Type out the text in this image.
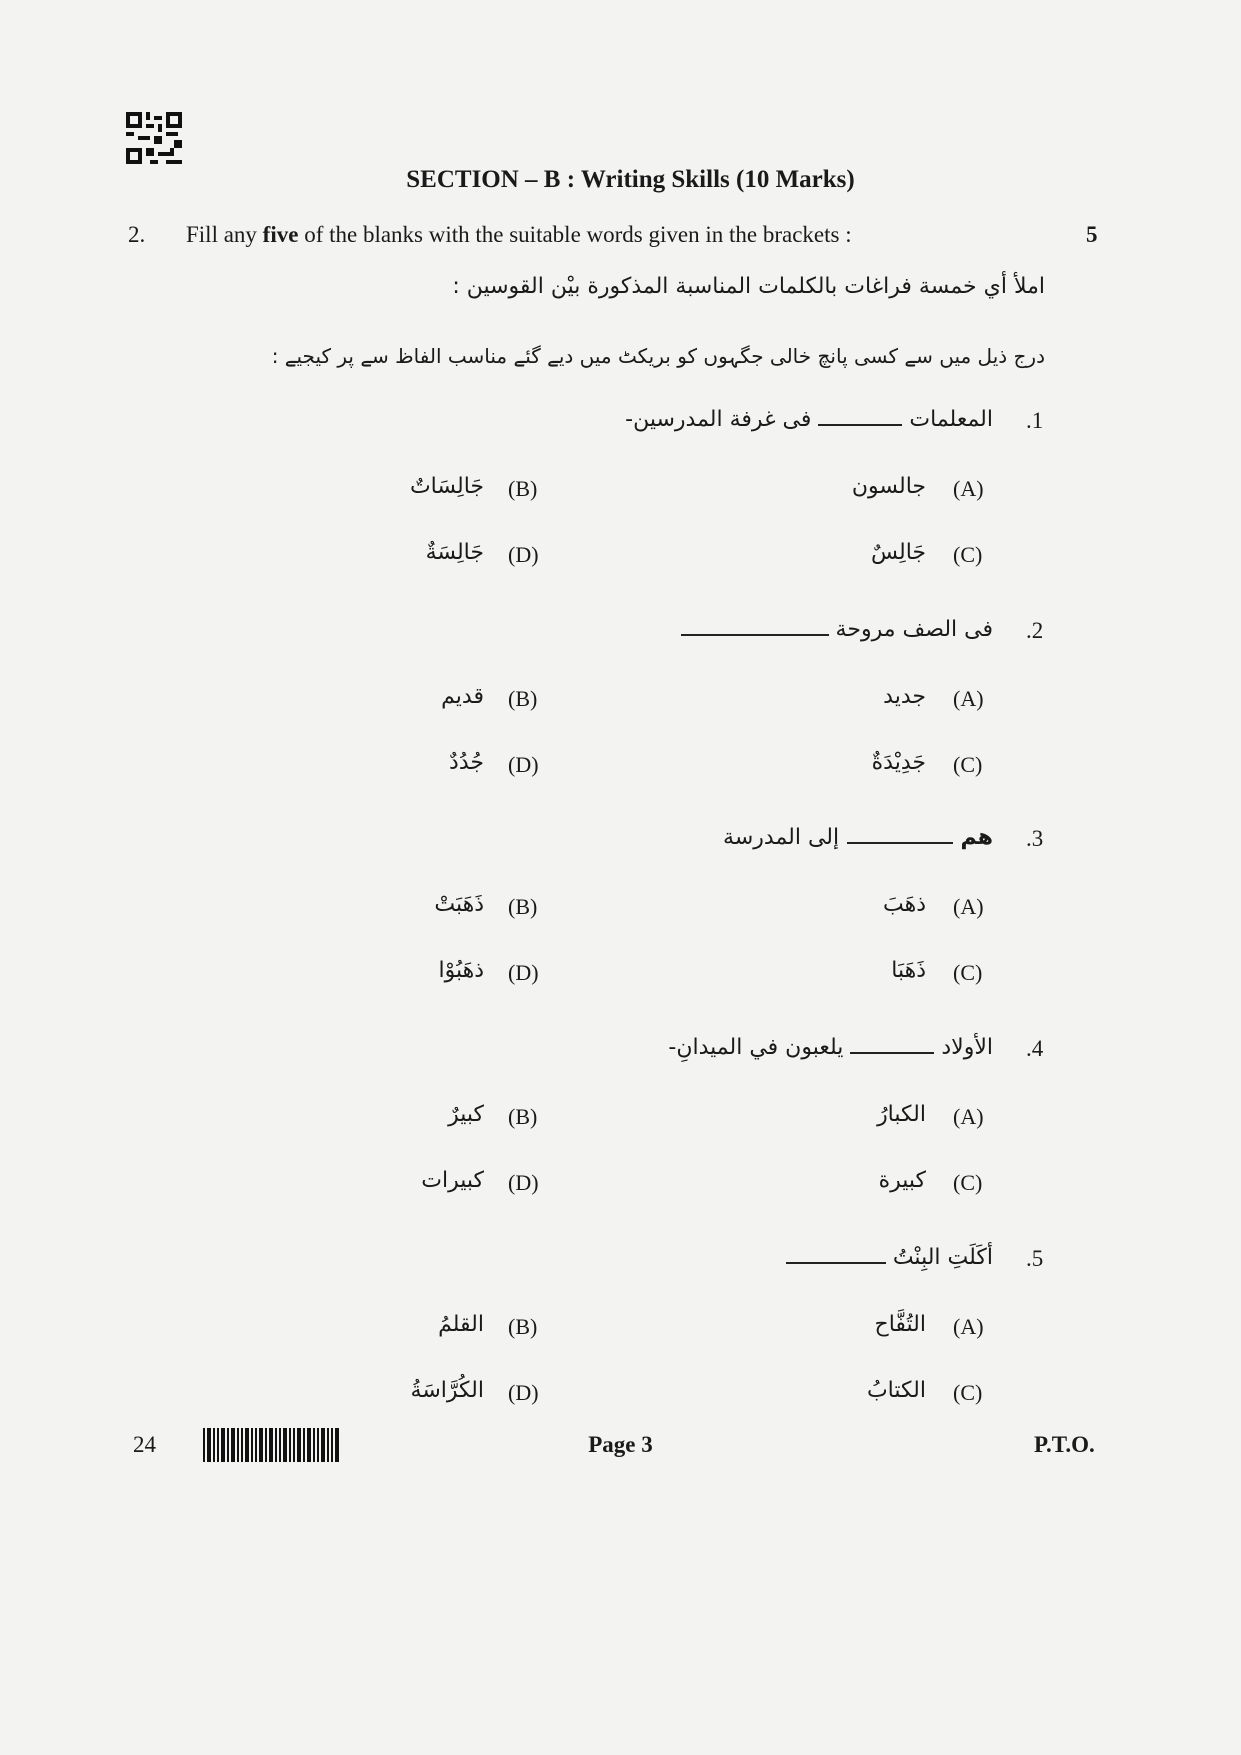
SECTION – B : Writing Skills (10 Marks)
2. Fill any five of the blanks with the suitable words given in the brackets :	5
املأ أي خمسة فراغات بالكلمات المناسبة المذكورة بيْن القوسين :
درج ذیل میں سے کسی پانچ خالی جگہوں کو بریکٹ میں دیے گئے مناسب الفاظ سے پر کیجیے :
.1
المعلمات  فی غرفة المدرسین-
جالسون (A)
جَالِسَاتٌ (B)
جَالِسٌ (C)
جَالِسَةٌ (D)
.2
فی الصف مروحة
جديد (A)
قديم (B)
جَدِيْدَةٌ (C)
جُدُدٌ (D)
.3
هم  إلى المدرسة
ذهَبَ (A)
ذَهَبَتْ (B)
ذَهَبَا (C)
ذهَبُوْا (D)
.4
الأولاد  يلعبون في الميدانِ-
الكبارُ (A)
كبيرٌ (B)
كبيرة (C)
كبيرات (D)
.5
أكَلَتِ البِنْتُ
التُفَّاح (A)
القلمُ (B)
الكتابُ (C)
الكُرَّاسَةُ (D)
24	Page 3	P.T.O.
